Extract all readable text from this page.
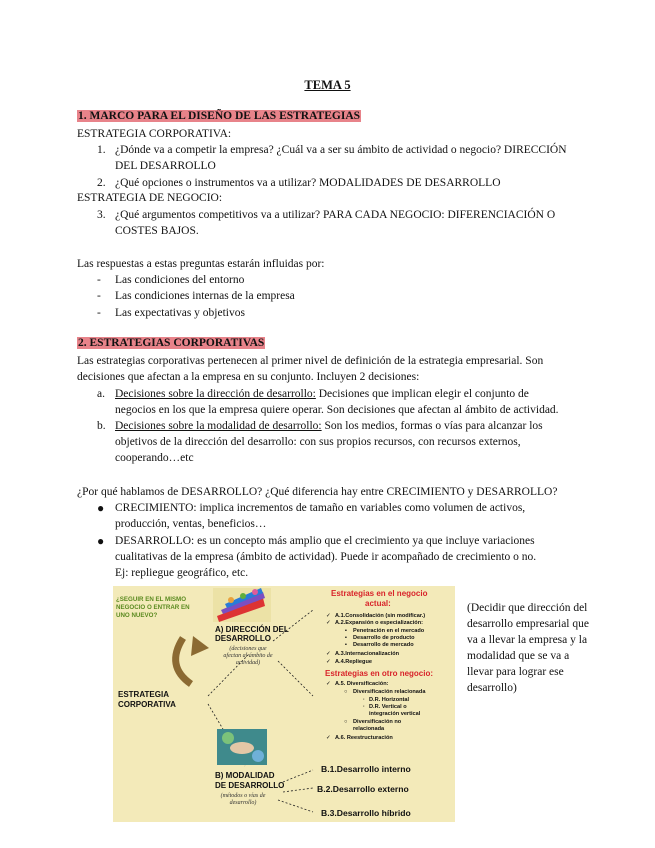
TEMA 5
1. MARCO PARA EL DISEÑO DE LAS ESTRATEGIAS
ESTRATEGIA CORPORATIVA:
1. ¿Dónde va a competir la empresa? ¿Cuál va a ser su ámbito de actividad o negocio? DIRECCIÓN
DEL DESARROLLO
2. ¿Qué opciones o instrumentos va a utilizar? MODALIDADES DE DESARROLLO
ESTRATEGIA DE NEGOCIO:
3. ¿Qué argumentos competitivos va a utilizar? PARA CADA NEGOCIO: DIFERENCIACIÓN O
COSTES BAJOS.
Las respuestas a estas preguntas estarán influidas por:
- Las condiciones del entorno
- Las condiciones internas de la empresa
- Las expectativas y objetivos
2. ESTRATEGIAS CORPORATIVAS
Las estrategias corporativas pertenecen al primer nivel de definición de la estrategia empresarial. Son
decisiones que afectan a la empresa en su conjunto. Incluyen 2 decisiones:
a. Decisiones sobre la dirección de desarrollo: Decisiones que implican elegir el conjunto de
negocios en los que la empresa quiere operar. Son decisiones que afectan al ámbito de actividad.
b. Decisiones sobre la modalidad de desarrollo: Son los medios, formas o vías para alcanzar los
objetivos de la dirección del desarrollo: con sus propios recursos, con recursos externos,
cooperando…etc
¿Por qué hablamos de DESARROLLO? ¿Qué diferencia hay entre CRECIMIENTO y DESARROLLO?
● CRECIMIENTO: implica incrementos de tamaño en variables como volumen de activos,
producción, ventas, beneficios…
● DESARROLLO: es un concepto más amplio que el crecimiento ya que incluye variaciones
cualitativas de la empresa (ámbito de actividad). Puede ir acompañado de crecimiento o no.
Ej: repliegue geográfico, etc.
¿SEGUIR EN EL MISMO
NEGOCIO O ENTRAR EN
UNO NUEVO?
A) DIRECCIÓN DEL
DESARROLLO
(decisiones que
afectan al ámbito de
actividad)
ESTRATEGIA
CORPORATIVA
B) MODALIDAD
DE DESARROLLO
(métodos o vías de
desarrollo)
Estrategias en el negocio
actual:
✓ A.1.Consolidación (sin modificar.)
✓ A.2.Expansión o especialización:
▪ Penetración en el mercado
▪ Desarrollo de producto
▪ Desarrollo de mercado
✓ A.3.Internacionalización
✓ A.4.Repliegue
Estrategias en otro negocio:
✓ A.5. Diversificación:
○ Diversificación relacionada
· D.R. Horizontal
· D.R. Vertical o
integración vertical
○ Diversificación no
relacionada
✓ A.6. Reestructuración
B.1.Desarrollo interno
B.2.Desarrollo externo
B.3.Desarrollo híbrido
(Decidir que dirección del desarrollo empresarial que va a llevar la empresa y la modalidad que se va a llevar para lograr ese desarrollo)
